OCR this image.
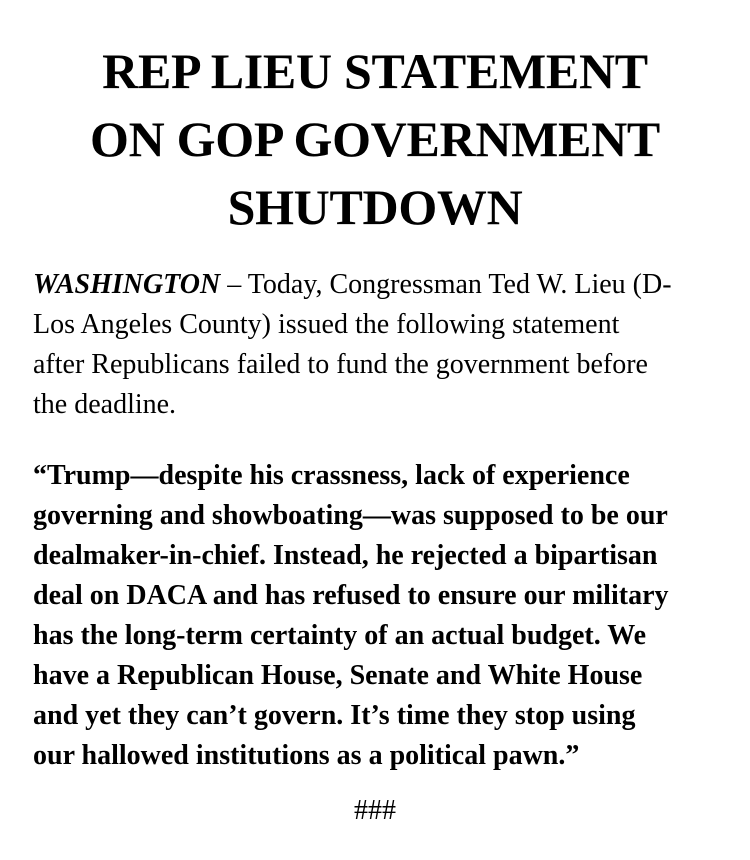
REP LIEU STATEMENT
ON GOP GOVERNMENT
SHUTDOWN

WASHINGTON – Today, Congressman Ted W. Lieu (D-
Los Angeles County) issued the following statement
after Republicans failed to fund the government before
the deadline.

“Trump—despite his crassness, lack of experience
governing and showboating—was supposed to be our
dealmaker-in-chief. Instead, he rejected a bipartisan
deal on DACA and has refused to ensure our military
has the long-term certainty of an actual budget. We
have a Republican House, Senate and White House
and yet they can’t govern. It’s time they stop using
our hallowed institutions as a political pawn.”

###
